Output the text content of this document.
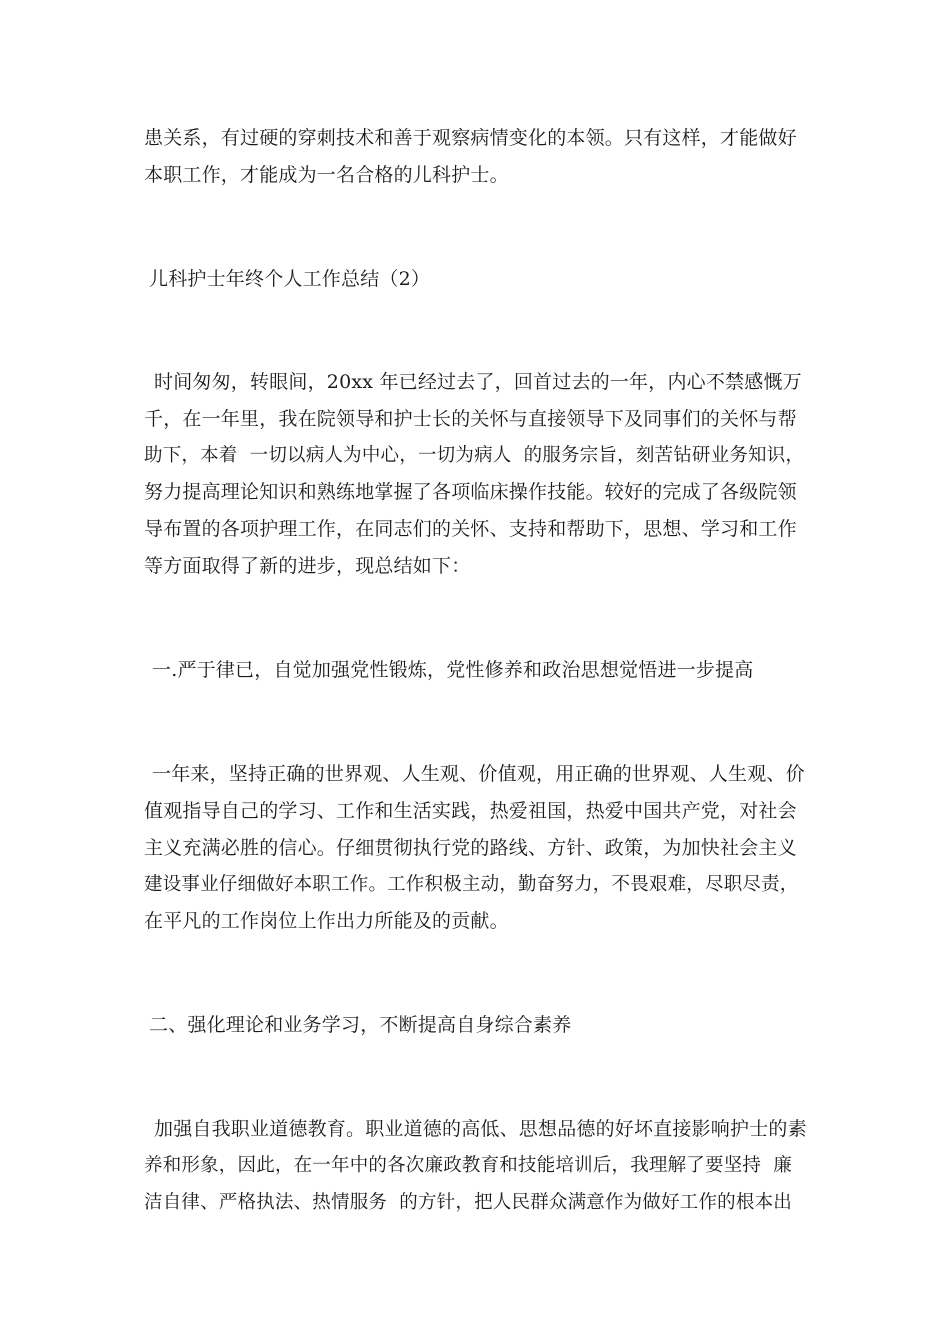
患关系，有过硬的穿刺技术和善于观察病情变化的本领。只有这样，才能做好

本职工作，才能成为一名合格的儿科护士。

儿科护士年终个人工作总结（2）

时间匆匆，转眼间，20xx 年已经过去了，回首过去的一年，内心不禁感慨万

千，在一年里，我在院领导和护士长的关怀与直接领导下及同事们的关怀与帮

助下，本着  一切以病人为中心，一切为病人  的服务宗旨，刻苦钻研业务知识，

努力提高理论知识和熟练地掌握了各项临床操作技能。较好的完成了各级院领

导布置的各项护理工作，在同志们的关怀、支持和帮助下，思想、学习和工作

等方面取得了新的进步，现总结如下：

一.严于律已，自觉加强党性锻炼，党性修养和政治思想觉悟进一步提高

一年来，坚持正确的世界观、人生观、价值观，用正确的世界观、人生观、价

值观指导自己的学习、工作和生活实践，热爱祖国，热爱中国共产党，对社会

主义充满必胜的信心。仔细贯彻执行党的路线、方针、政策，为加快社会主义

建设事业仔细做好本职工作。工作积极主动，勤奋努力，不畏艰难，尽职尽责，

在平凡的工作岗位上作出力所能及的贡献。

二、强化理论和业务学习，不断提高自身综合素养

加强自我职业道德教育。职业道德的高低、思想品德的好坏直接影响护士的素

养和形象，因此，在一年中的各次廉政教育和技能培训后，我理解了要坚持  廉

洁自律、严格执法、热情服务  的方针，把人民群众满意作为做好工作的根本出
